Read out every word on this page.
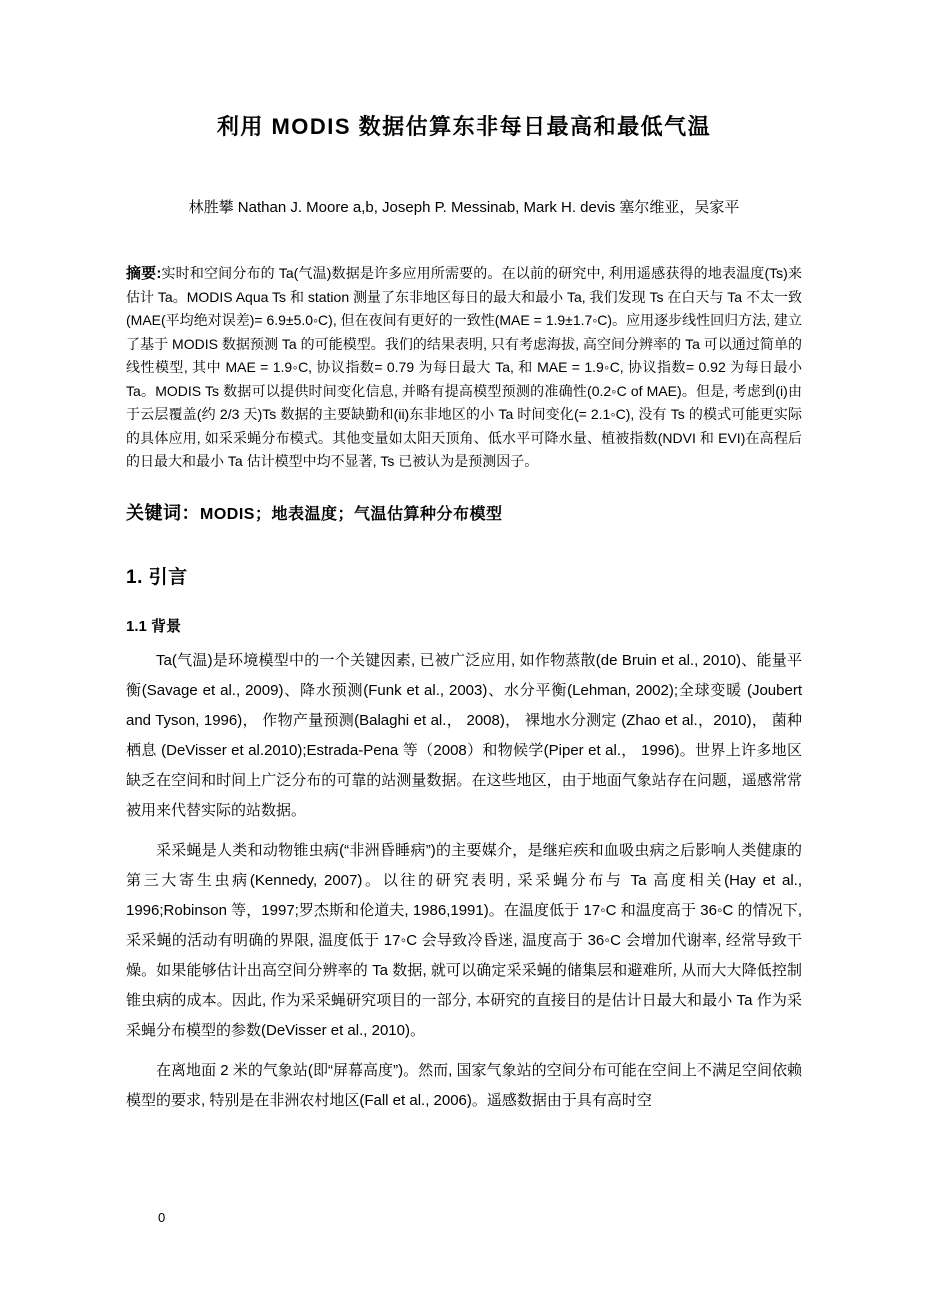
利用 MODIS 数据估算东非每日最高和最低气温
林胜攀 Nathan J. Moore a,b, Joseph P. Messinab, Mark H. devis 塞尔维亚，吴家平

摘要:实时和空间分布的 Ta(气温)数据是许多应用所需要的。在以前的研究中, 利用遥感获得的地表温度(Ts)来估计 Ta。MODIS Aqua Ts 和 station 测量了东非地区每日的最大和最小 Ta, 我们发现 Ts 在白天与 Ta 不太一致(MAE(平均绝对误差)= 6.9±5.0◦C), 但在夜间有更好的一致性(MAE = 1.9±1.7◦C)。应用逐步线性回归方法, 建立了基于 MODIS 数据预测 Ta 的可能模型。我们的结果表明, 只有考虑海拔, 高空间分辨率的 Ta 可以通过简单的线性模型, 其中 MAE = 1.9◦C, 协议指数= 0.79 为每日最大 Ta, 和 MAE = 1.9◦C, 协议指数= 0.92 为每日最小 Ta。MODIS Ts 数据可以提供时间变化信息, 并略有提高模型预测的准确性(0.2◦C of MAE)。但是, 考虑到(i)由于云层覆盖(约 2/3 天)Ts 数据的主要缺勤和(ii)东非地区的小 Ta 时间变化(= 2.1◦C), 没有 Ts 的模式可能更实际的具体应用, 如采采蝇分布模式。其他变量如太阳天顶角、低水平可降水量、植被指数(NDVI 和 EVI)在高程后的日最大和最小 Ta 估计模型中均不显著, Ts 已被认为是预测因子。

关键词：MODIS；地表温度；气温估算种分布模型
1. 引言
1.1 背景

Ta(气温)是环境模型中的一个关键因素, 已被广泛应用, 如作物蒸散(de Bruin et al., 2010)、能量平衡(Savage et al., 2009)、降水预测(Funk et al., 2003)、水分平衡(Lehman, 2002);全球变暖 (Joubert and Tyson, 1996)， 作物产量预测(Balaghi et al.， 2008)， 裸地水分测定 (Zhao et al.，2010)， 菌种栖息 (DeVisser et al.2010);Estrada-Pena 等（2008）和物候学(Piper et al.， 1996)。世界上许多地区缺乏在空间和时间上广泛分布的可靠的站测量数据。在这些地区，由于地面气象站存在问题，遥感常常被用来代替实际的站数据。

采采蝇是人类和动物锥虫病(“非洲昏睡病”)的主要媒介，是继疟疾和血吸虫病之后影响人类健康的第三大寄生虫病(Kennedy, 2007)。以往的研究表明, 采采蝇分布与 Ta 高度相关(Hay et al., 1996;Robinson 等，1997;罗杰斯和伦道夫, 1986,1991)。在温度低于 17◦C 和温度高于 36◦C 的情况下, 采采蝇的活动有明确的界限, 温度低于 17◦C 会导致冷昏迷, 温度高于 36◦C 会增加代谢率, 经常导致干燥。如果能够估计出高空间分辨率的 Ta 数据, 就可以确定采采蝇的储集层和避难所, 从而大大降低控制锥虫病的成本。因此, 作为采采蝇研究项目的一部分, 本研究的直接目的是估计日最大和最小 Ta 作为采采蝇分布模型的参数(DeVisser et al., 2010)。

在离地面 2 米的气象站(即“屏幕高度”)。然而, 国家气象站的空间分布可能在空间上不满足空间依赖模型的要求, 特别是在非洲农村地区(Fall et al., 2006)。遥感数据由于具有高时空

0
